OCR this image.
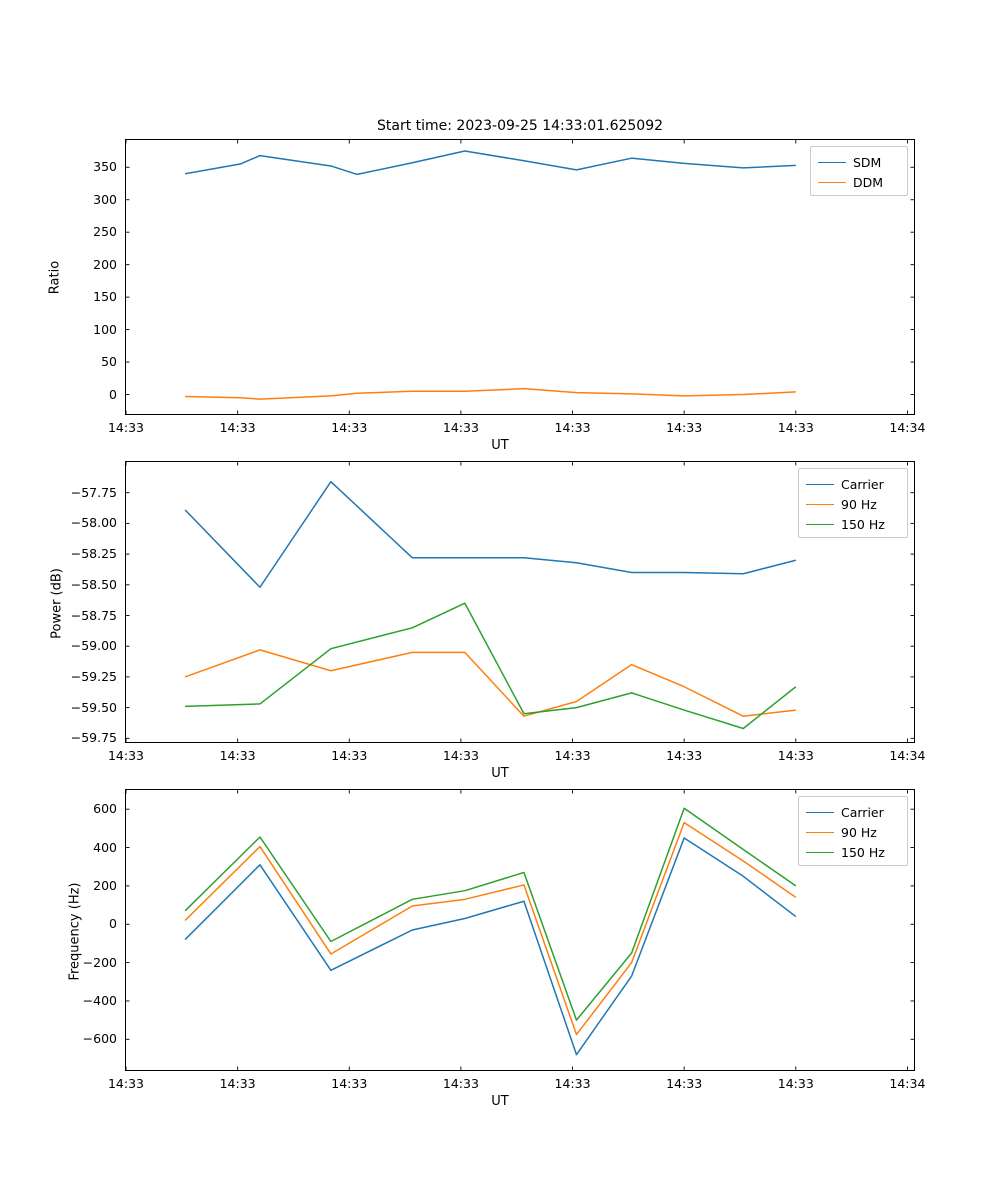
Start time: 2023-09-25 14:33:01.625092
Ratio
UT
SDM
DDM
Power (dB)
UT
Carrier
90 Hz
150 Hz
Frequency (Hz)
UT
Carrier
90 Hz
150 Hz
14:33	14:33	14:33	14:33	14:33	14:33	14:33	14:34
0
50
100
150
200
250
300
350
14:33	14:33	14:33	14:33	14:33	14:33	14:33	14:34
−59.75
−59.50
−59.25
−59.00
−58.75
−58.50
−58.25
−58.00
−57.75
14:33	14:33	14:33	14:33	14:33	14:33	14:33	14:34
−600
−400
−200
0
200
400
600
